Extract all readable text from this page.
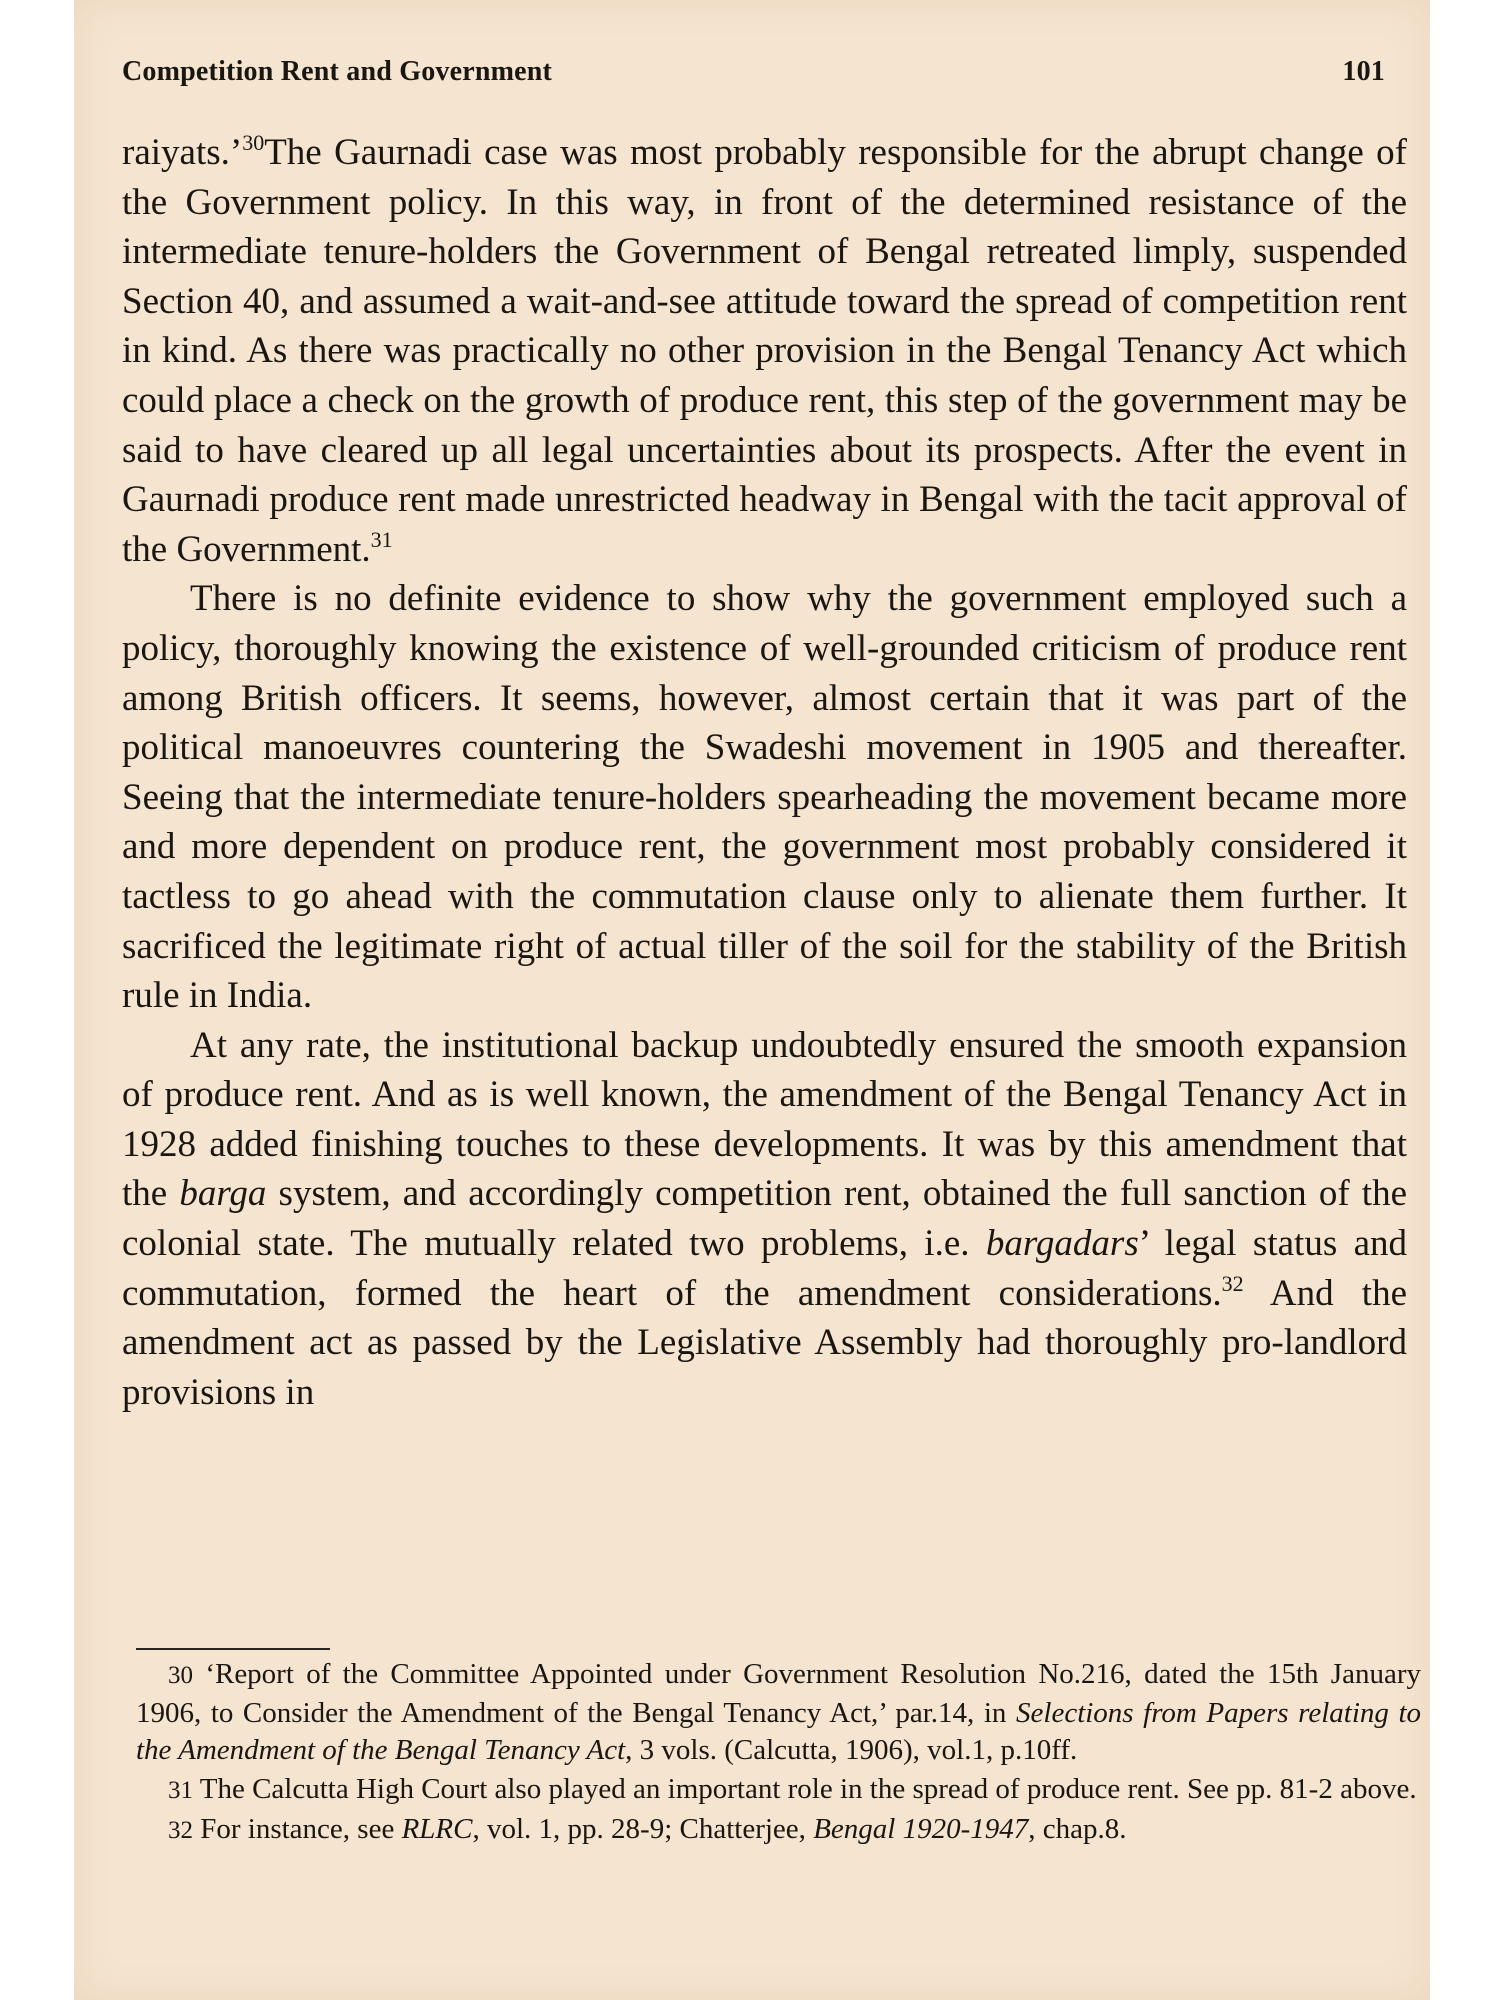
Competition Rent and Government	101

raiyats.’$^{30}$The Gaurnadi case was most probably responsible for the abrupt change of the Government policy. In this way, in front of the determined resistance of the intermediate tenure-holders the Government of Bengal retreated limply, suspended Section 40, and assumed a wait-and-see attitude toward the spread of competition rent in kind. As there was practically no other provision in the Bengal Tenancy Act which could place a check on the growth of produce rent, this step of the government may be said to have cleared up all legal uncertainties about its prospects. After the event in Gaurnadi produce rent made unrestricted headway in Bengal with the tacit approval of the Government.$^{31}$

There is no definite evidence to show why the government employed such a policy, thoroughly knowing the existence of well-grounded criticism of produce rent among British officers. It seems, however, almost certain that it was part of the political manoeuvres countering the Swadeshi movement in 1905 and thereafter. Seeing that the intermediate tenure-holders spearheading the movement became more and more dependent on produce rent, the government most probably considered it tactless to go ahead with the commutation clause only to alienate them further. It sacrificed the legitimate right of actual tiller of the soil for the stability of the British rule in India.

At any rate, the institutional backup undoubtedly ensured the smooth expansion of produce rent. And as is well known, the amendment of the Bengal Tenancy Act in 1928 added finishing touches to these developments. It was by this amendment that the barga system, and accordingly competition rent, obtained the full sanction of the colonial state. The mutually related two problems, i.e. bargadars’ legal status and commutation, formed the heart of the amendment considerations.$^{32}$ And the amendment act as passed by the Legislative Assembly had thoroughly pro-landlord provisions in

30 ‘Report of the Committee Appointed under Government Resolution No.216, dated the 15th January 1906, to Consider the Amendment of the Bengal Tenancy Act,’ par.14, in Selections from Papers relating to the Amendment of the Bengal Tenancy Act, 3 vols. (Calcutta, 1906), vol.1, p.10ff.

31 The Calcutta High Court also played an important role in the spread of produce rent. See pp. 81-2 above.

32 For instance, see RLRC, vol. 1, pp. 28-9; Chatterjee, Bengal 1920-1947, chap.8.
